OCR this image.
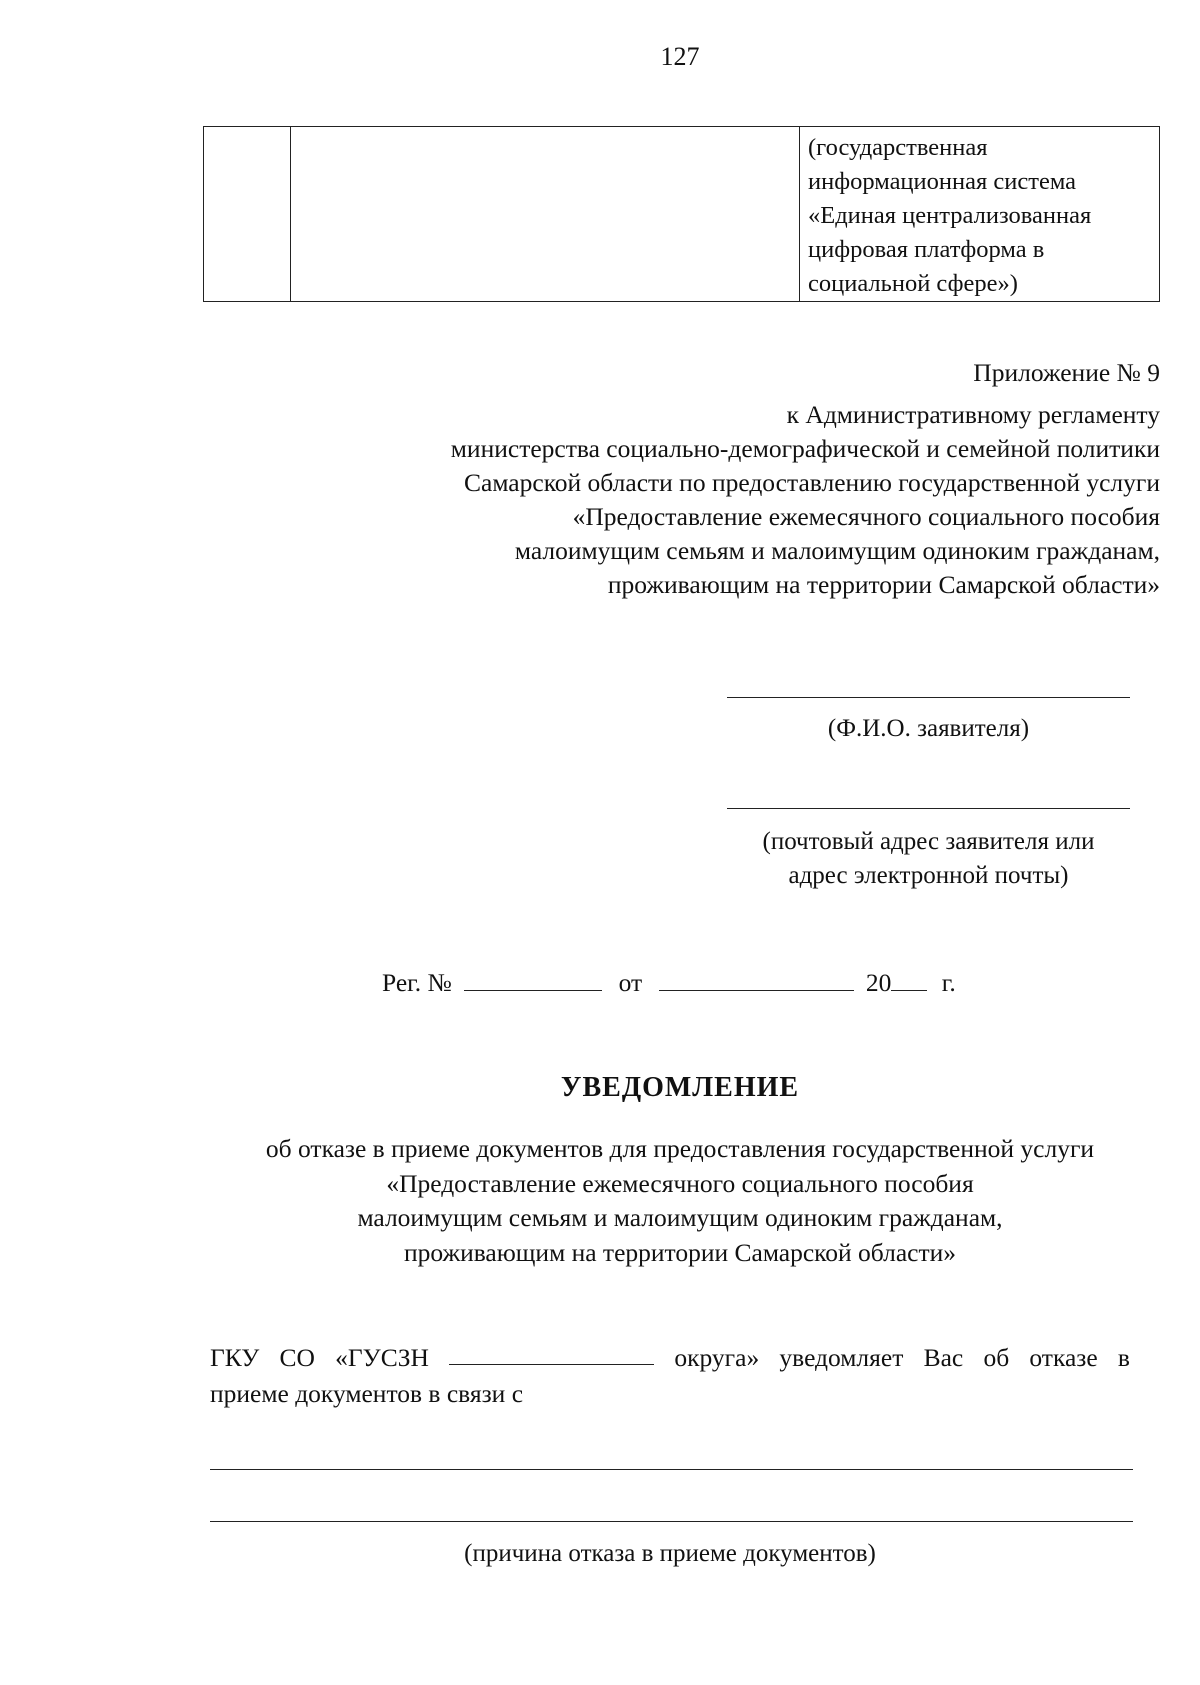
127

(государственная
информационная система
«Единая централизованная
цифровая платформа в
социальной сфере»)
Приложение № 9
к Административному регламенту
министерства социально-демографической и семейной политики
Самарской области по предоставлению государственной услуги
«Предоставление ежемесячного социального пособия
малоимущим семьям и малоимущим одиноким гражданам,
проживающим на территории Самарской области»
(Ф.И.О. заявителя)
(почтовый адрес заявителя или
адрес электронной почты)
Рег. №	от	20 г.
УВЕДОМЛЕНИЕ
об отказе в приеме документов для предоставления государственной услуги
«Предоставление ежемесячного социального пособия
малоимущим семьям и малоимущим одиноким гражданам,
проживающим на территории Самарской области»
ГКУ СО «ГУСЗН	округа» уведомляет Вас об отказе в
приеме документов в связи с
(причина отказа в приеме документов)
